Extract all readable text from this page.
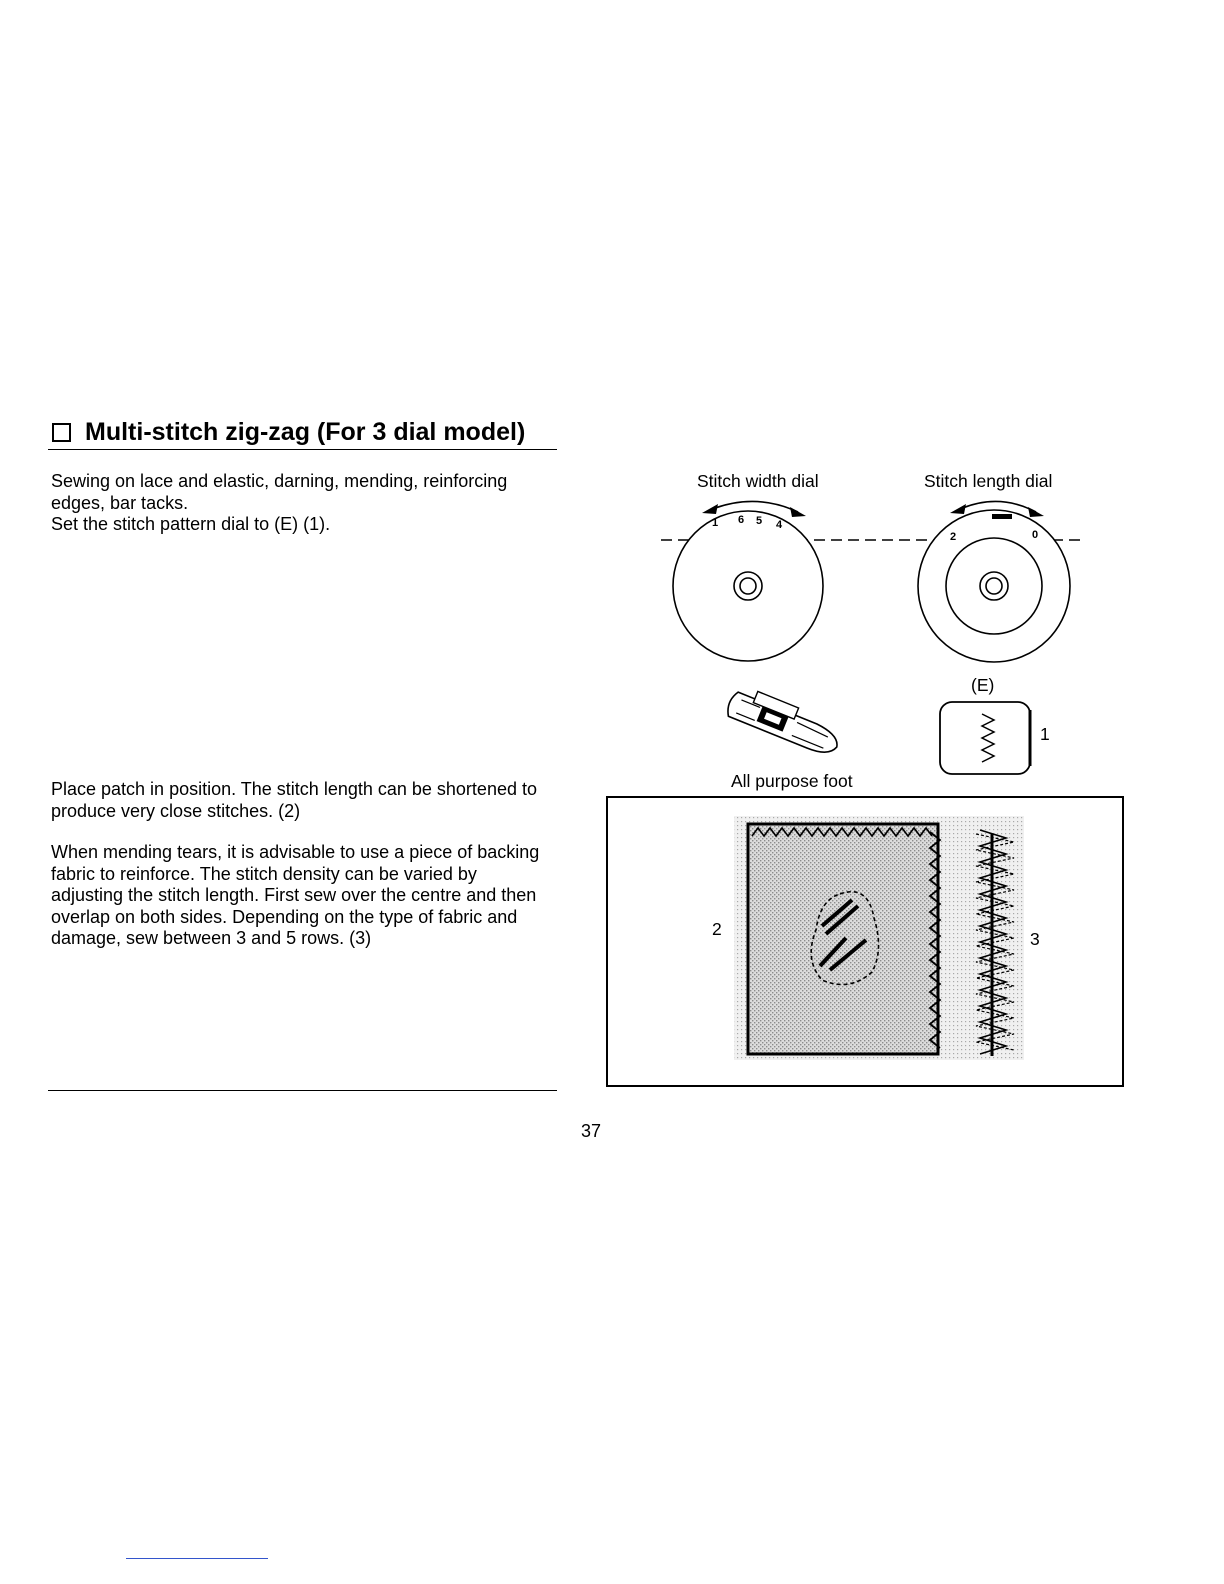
Multi-stitch zig-zag (For 3 dial model)

Sewing on lace and elastic, darning, mending, reinforcing
edges, bar tacks.
Set the stitch pattern dial to (E) (1).

Place patch in position. The stitch length can be shortened to
produce very close stitches. (2)

When mending tears, it is advisable to use a piece of backing
fabric to reinforce. The stitch density can be varied by
adjusting the stitch length. First sew over the centre and then
overlap on both sides. Depending on the type of fabric and
damage, sew between 3 and 5 rows. (3)

Stitch width dial	Stitch length dial
(E)
1
All purpose foot
1 6 5 4
2	0
2	3
37
